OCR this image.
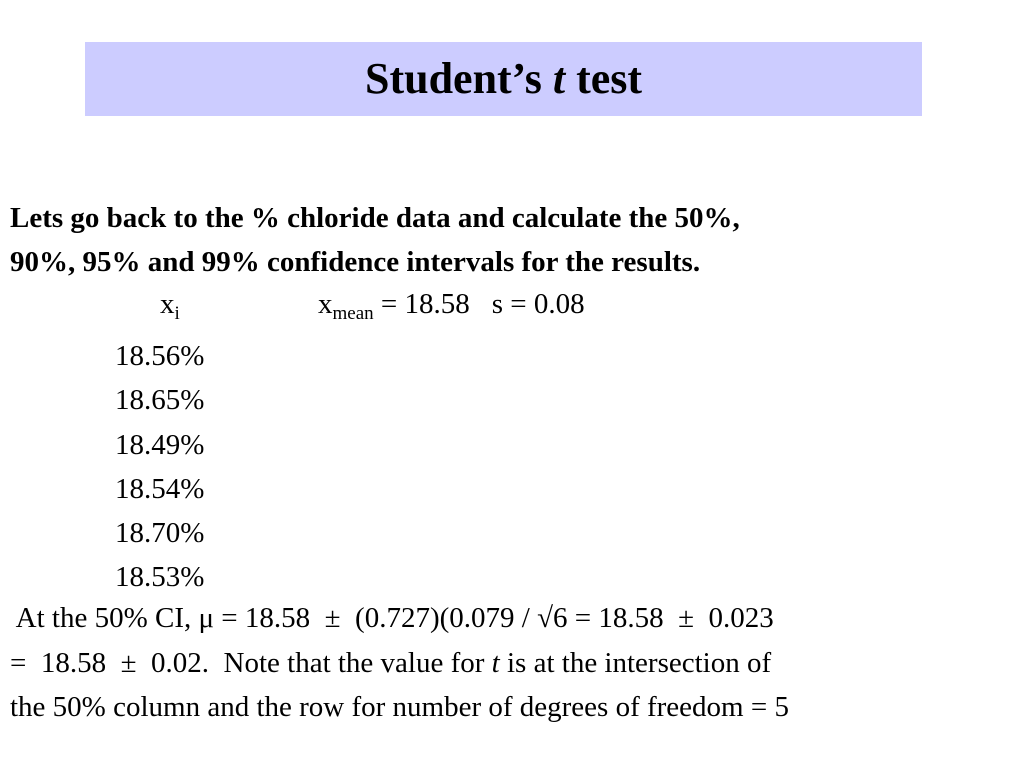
Student’s t test

Lets go back to the % chloride data and calculate the 50%,
90%, 95% and 99% confidence intervals for the results.

$x_i$	$x_{mean} = 18.58$ s = 0.08
18.56%
18.65%
18.49%
18.54%
18.70%
18.53%

At the 50% CI, μ = 18.58  ±  (0.727)(0.079 / √6 = 18.58  ±  0.023

=  18.58  ±  0.02.  Note that the value for t is at the intersection of

the 50% column and the row for number of degrees of freedom = 5
